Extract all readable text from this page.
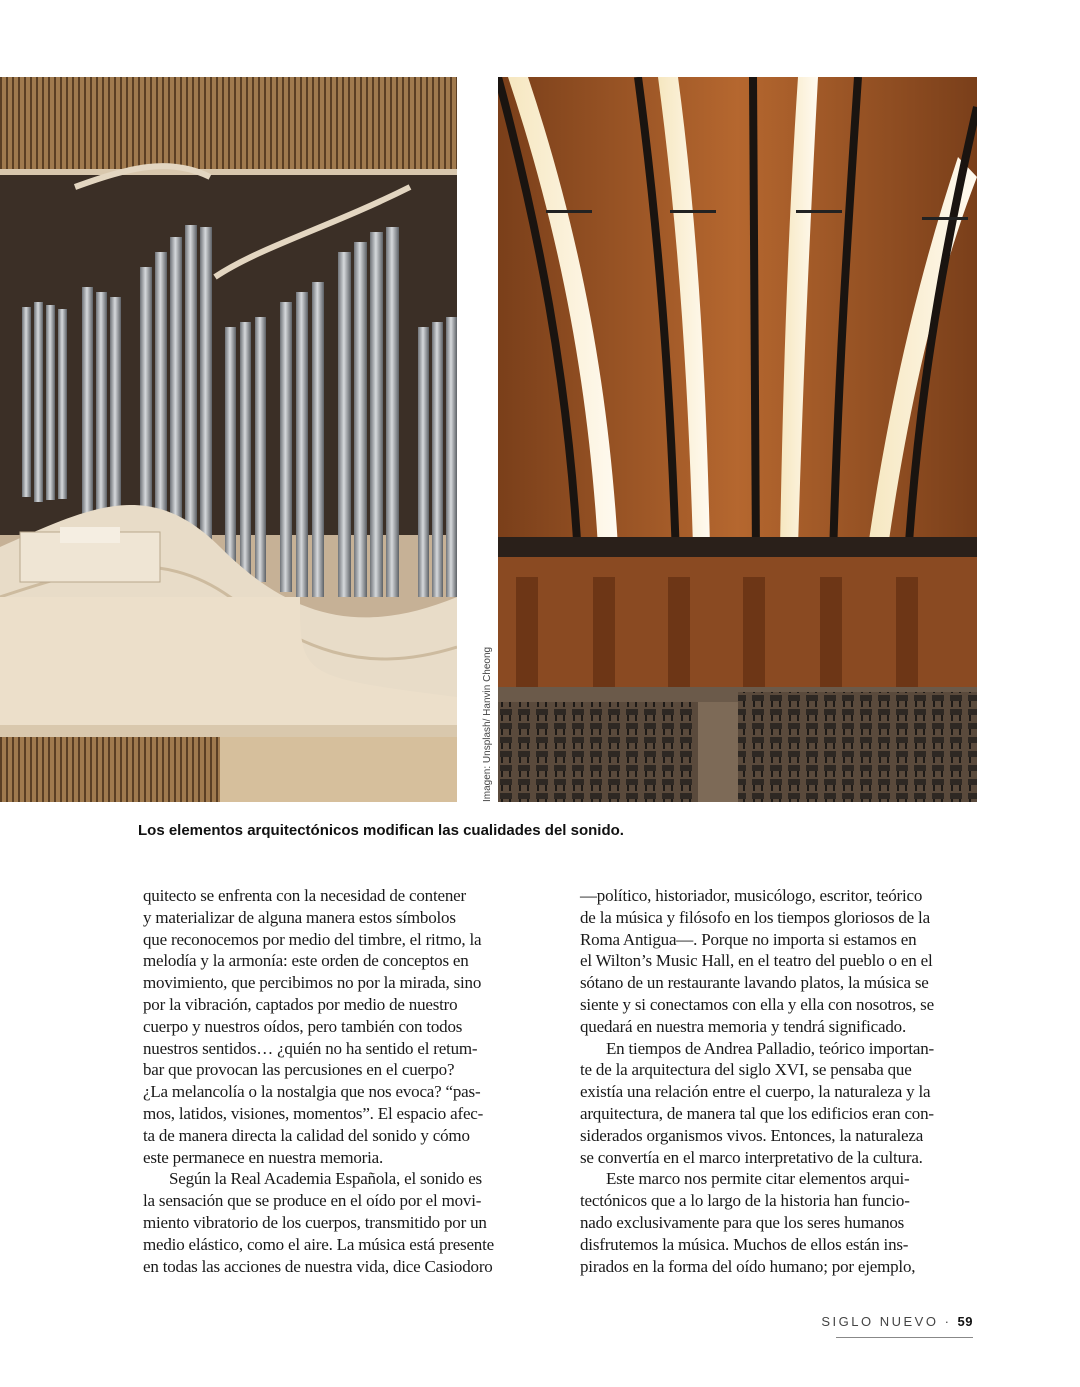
Imagen: Unsplash/ Hanvin Cheong
Los elementos arquitectónicos modifican las cualidades del sonido.
quitecto se enfrenta con la necesidad de contener
y materializar de alguna manera estos símbolos
que reconocemos por medio del timbre, el ritmo, la
melodía y la armonía: este orden de conceptos en
movimiento, que percibimos no por la mirada, sino
por la vibración, captados por medio de nuestro
cuerpo y nuestros oídos, pero también con todos
nuestros sentidos… ¿quién no ha sentido el retum-
bar que provocan las percusiones en el cuerpo?
¿La melancolía o la nostalgia que nos evoca? “pas-
mos, latidos, visiones, momentos”. El espacio afec-
ta de manera directa la calidad del sonido y cómo
este permanece en nuestra memoria.
Según la Real Academia Española, el sonido es
la sensación que se produce en el oído por el movi-
miento vibratorio de los cuerpos, transmitido por un
medio elástico, como el aire. La música está presente
en todas las acciones de nuestra vida, dice Casiodoro
—político, historiador, musicólogo, escritor, teórico
de la música y filósofo en los tiempos gloriosos de la
Roma Antigua—. Porque no importa si estamos en
el Wilton’s Music Hall, en el teatro del pueblo o en el
sótano de un restaurante lavando platos, la música se
siente y si conectamos con ella y ella con nosotros, se
quedará en nuestra memoria y tendrá significado.
En tiempos de Andrea Palladio, teórico importan-
te de la arquitectura del siglo XVI, se pensaba que
existía una relación entre el cuerpo, la naturaleza y la
arquitectura, de manera tal que los edificios eran con-
siderados organismos vivos. Entonces, la naturaleza
se convertía en el marco interpretativo de la cultura.
Este marco nos permite citar elementos arqui-
tectónicos que a lo largo de la historia han funcio-
nado exclusivamente para que los seres humanos
disfrutemos la música. Muchos de ellos están ins-
pirados en la forma del oído humano; por ejemplo,
SIGLO NUEVO · 59
